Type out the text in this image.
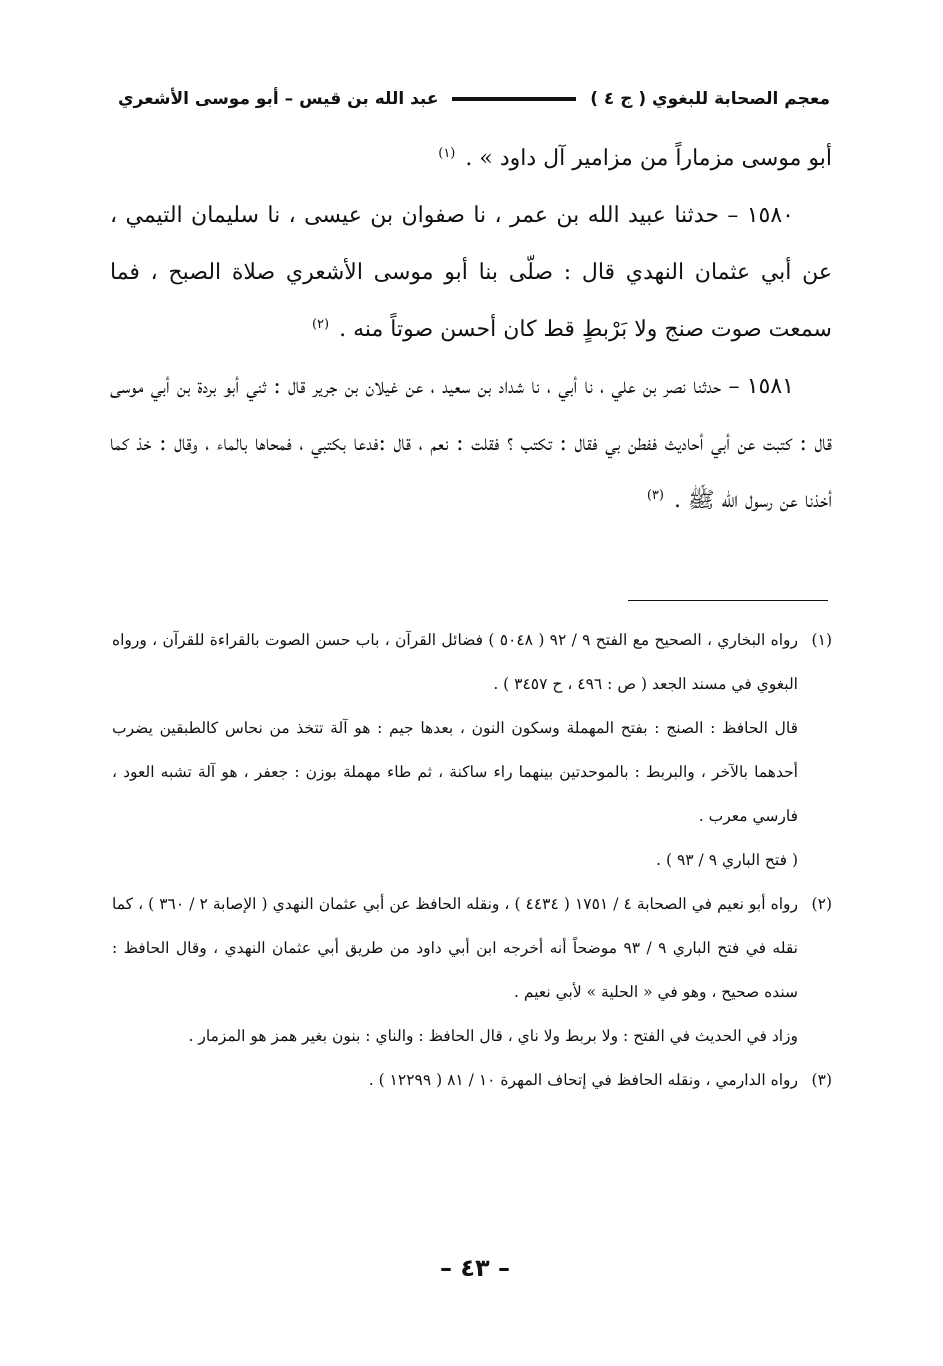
معجم الصحابة للبغوي ( ج ٤ )
عبد الله بن قيس – أبو موسى الأشعري

أبو موسى مزماراً من مزامير آل داود » . $^{(١)}$

١٥٨٠ – حدثنا عبيد الله بن عمر ، نا صفوان بن عيسى ، نا سليمان التيمي ، عن أبي عثمان النهدي قال : صلّى بنا أبو موسى الأشعري صلاة الصبح ، فما سمعت صوت صنج ولا بَرْبطٍ قط كان أحسن صوتاً منه . $^{(٢)}$

١٥٨١ – حدثنا نصر بن علي ، نا أبي ، نا شداد بن سعيد ، عن غيلان بن جرير قال : ثني أبو بردة بن أبي موسى قال : كتبت عن أبي أحاديث ففطن بي فقال : تكتب ؟ فقلت : نعم ، قال :فدعا بكتبي ، فمحاها بالماء ، وقال : خذ كما أخذنا عن رسول الله ﷺ . $^{(٣)}$

(١)

رواه البخاري ، الصحيح مع الفتح ٩ / ٩٢ ( ٥٠٤٨ ) فضائل القرآن ، باب حسن الصوت بالقراءة للقرآن ، ورواه البغوي في مسند الجعد ( ص : ٤٩٦ ، ح ٣٤٥٧ ) .

قال الحافظ : الصنج : بفتح المهملة وسكون النون ، بعدها جيم : هو آلة تتخذ من نحاس كالطبقين يضرب أحدهما بالآخر ، والبربط : بالموحدتين بينهما راء ساكنة ، ثم طاء مهملة بوزن : جعفر ، هو آلة تشبه العود ، فارسي معرب .

( فتح الباري ٩ / ٩٣ ) .

(٢)

رواه أبو نعيم في الصحابة ٤ / ١٧٥١ ( ٤٤٣٤ ) ، ونقله الحافظ عن أبي عثمان النهدي ( الإصابة ٢ / ٣٦٠ ) ، كما نقله في فتح الباري ٩ / ٩٣ موضحاً أنه أخرجه ابن أبي داود من طريق أبي عثمان النهدي ، وقال الحافظ : سنده صحيح ، وهو في « الحلية » لأبي نعيم .

وزاد في الحديث في الفتح : ولا بربط ولا ناي ، قال الحافظ : والناي : بنون بغير همز هو المزمار .

(٣)

رواه الدارمي ، ونقله الحافظ في إتحاف المهرة ١٠ / ٨١ ( ١٢٢٩٩ ) .

– ٤٣ –
